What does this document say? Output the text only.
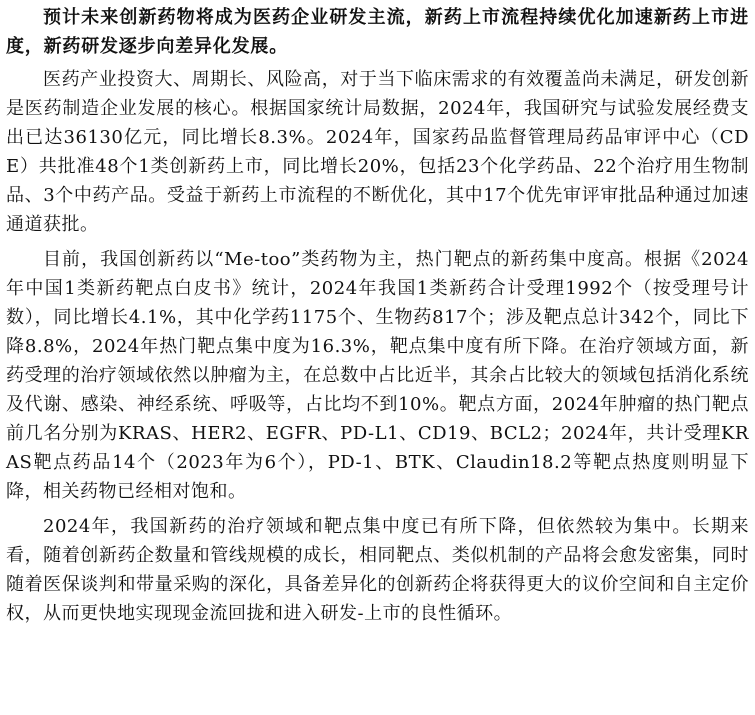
预计未来创新药物将成为医药企业研发主流，新药上市流程持续优化加速新药上市进度，新药研发逐步向差异化发展。

医药产业投资大、周期长、风险高，对于当下临床需求的有效覆盖尚未满足，研发创新是医药制造企业发展的核心。根据国家统计局数据，2024年，我国研究与试验发展经费支出已达36130亿元，同比增长8.3%。2024年，国家药品监督管理局药品审评中心（CDE）共批准48个1类创新药上市，同比增长20%，包括23个化学药品、22个治疗用生物制品、3个中药产品。受益于新药上市流程的不断优化，其中17个优先审评审批品种通过加速通道获批。

目前，我国创新药以“Me-too”类药物为主，热门靶点的新药集中度高。根据《2024年中国1类新药靶点白皮书》统计，2024年我国1类新药合计受理1992个（按受理号计数），同比增长4.1%，其中化学药1175个、生物药817个；涉及靶点总计342个，同比下降8.8%，2024年热门靶点集中度为16.3%，靶点集中度有所下降。在治疗领域方面，新药受理的治疗领域依然以肿瘤为主，在总数中占比近半，其余占比较大的领域包括消化系统及代谢、感染、神经系统、呼吸等，占比均不到10%。靶点方面，2024年肿瘤的热门靶点前几名分别为KRAS、HER2、EGFR、PD-L1、CD19、BCL2；2024年，共计受理KRAS靶点药品14个（2023年为6个），PD-1、BTK、Claudin18.2等靶点热度则明显下降，相关药物已经相对饱和。

2024年，我国新药的治疗领域和靶点集中度已有所下降，但依然较为集中。长期来看，随着创新药企数量和管线规模的成长，相同靶点、类似机制的产品将会愈发密集，同时随着医保谈判和带量采购的深化，具备差异化的创新药企将获得更大的议价空间和自主定价权，从而更快地实现现金流回拢和进入研发-上市的良性循环。
